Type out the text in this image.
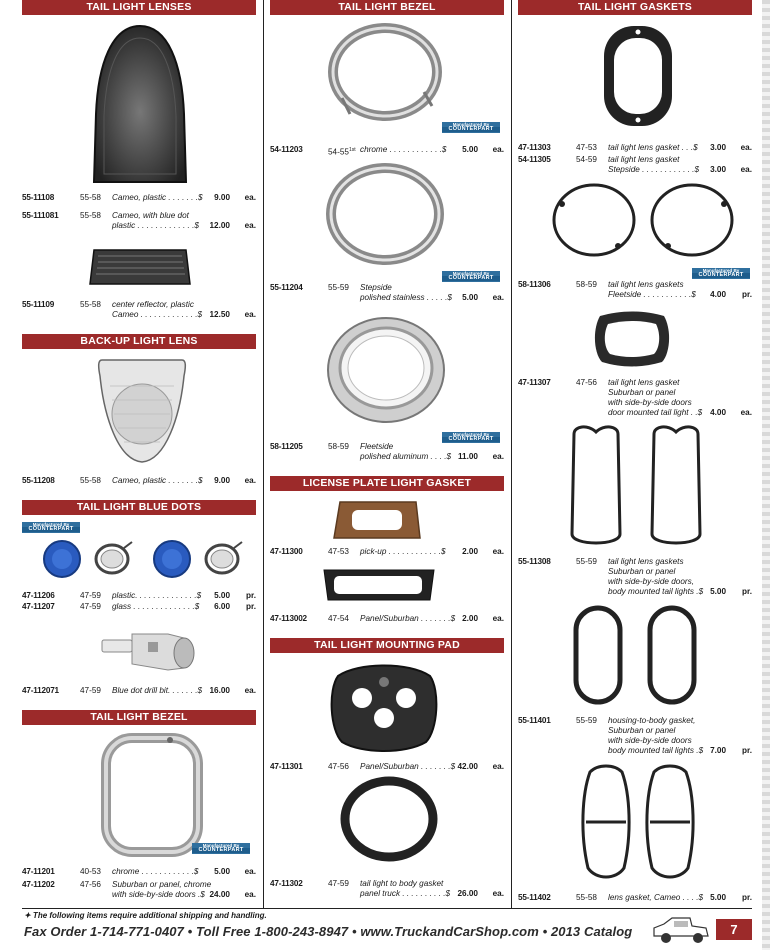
TAIL LIGHT LENSES
55-11108	55-58 Cameo, plastic . . . . . . .$	9.00 ea.
55-111081	55-58 Cameo, with blue dot
plastic . . . . . . . . . . . . .$	12.00 ea.
55-11109	55-58 center reflector, plastic
Cameo . . . . . . . . . . . . .$ 12.50 ea.
BACK-UP LIGHT LENS
55-11208	55-58 Cameo, plastic . . . . . . .$	9.00 ea.
TAIL LIGHT BLUE DOTS
Manufactured By
COUNTERPART
47-11206	47-59 plastic. . . . . . . . . . . . . .$	5.00 pr.
47-11207	47-59 glass . . . . . . . . . . . . . .$	6.00 pr.
47-112071	47-59 Blue dot drill bit. . . . . . .$ 16.00 ea.
TAIL LIGHT BEZEL
Manufactured By
COUNTERPART
47-11201	40-53 chrome . . . . . . . . . . . .$	5.00 ea.
47-11202	47-56 Suburban or panel, chrome
with side-by-side doors .$ 24.00 ea.
TAIL LIGHT BEZEL
Manufactured By
COUNTERPART
54-11203	$54-55^{1st}$ chrome . . . . . . . . . . . .$	5.00 ea.
Manufactured By
COUNTERPART
55-11204	55-59 Stepside
polished stainless . . . . .$	5.00 ea.
Manufactured By
COUNTERPART
58-11205	58-59 Fleetside
polished aluminum . . . .$ 11.00 ea.
LICENSE PLATE LIGHT GASKET
47-11300	47-53 pick-up . . . . . . . . . . . .$	2.00 ea.
47-113002	47-54 Panel/Suburban . . . . . . .$ 2.00 ea.
TAIL LIGHT MOUNTING PAD
47-11301	47-56 Panel/Suburban . . . . . . .$ 42.00 ea.
47-11302	47-59 tail light to body gasket
panel truck . . . . . . . . . .$ 26.00 ea.
TAIL LIGHT GASKETS
47-11303	47-53 tail light lens gasket . . .$	3.00 ea.
54-11305	54-59 tail light lens gasket
Stepside . . . . . . . . . . . .$	3.00 ea.
Manufactured By
COUNTERPART
58-11306	58-59 tail light lens gaskets
Fleetside . . . . . . . . . . .$	4.00 pr.
47-11307	47-56 tail light lens gasket
Suburban or panel
with side-by-side doors
door mounted tail light . .$ 4.00 ea.
55-11308	55-59 tail light lens gaskets
Suburban or panel
with side-by-side doors,
body mounted tail lights .$ 5.00 pr.
55-11401	55-59 housing-to-body gasket,
Suburban or panel
with side-by-side doors
body mounted tail lights .$ 7.00 pr.
55-11402	55-58 lens gasket, Cameo . . . .$ 5.00 pr.
✦ The following items require additional shipping and handling.
Fax Order 1-714-771-0407 • Toll Free 1-800-243-8947 • www.TruckandCarShop.com • 2013 Catalog	7
